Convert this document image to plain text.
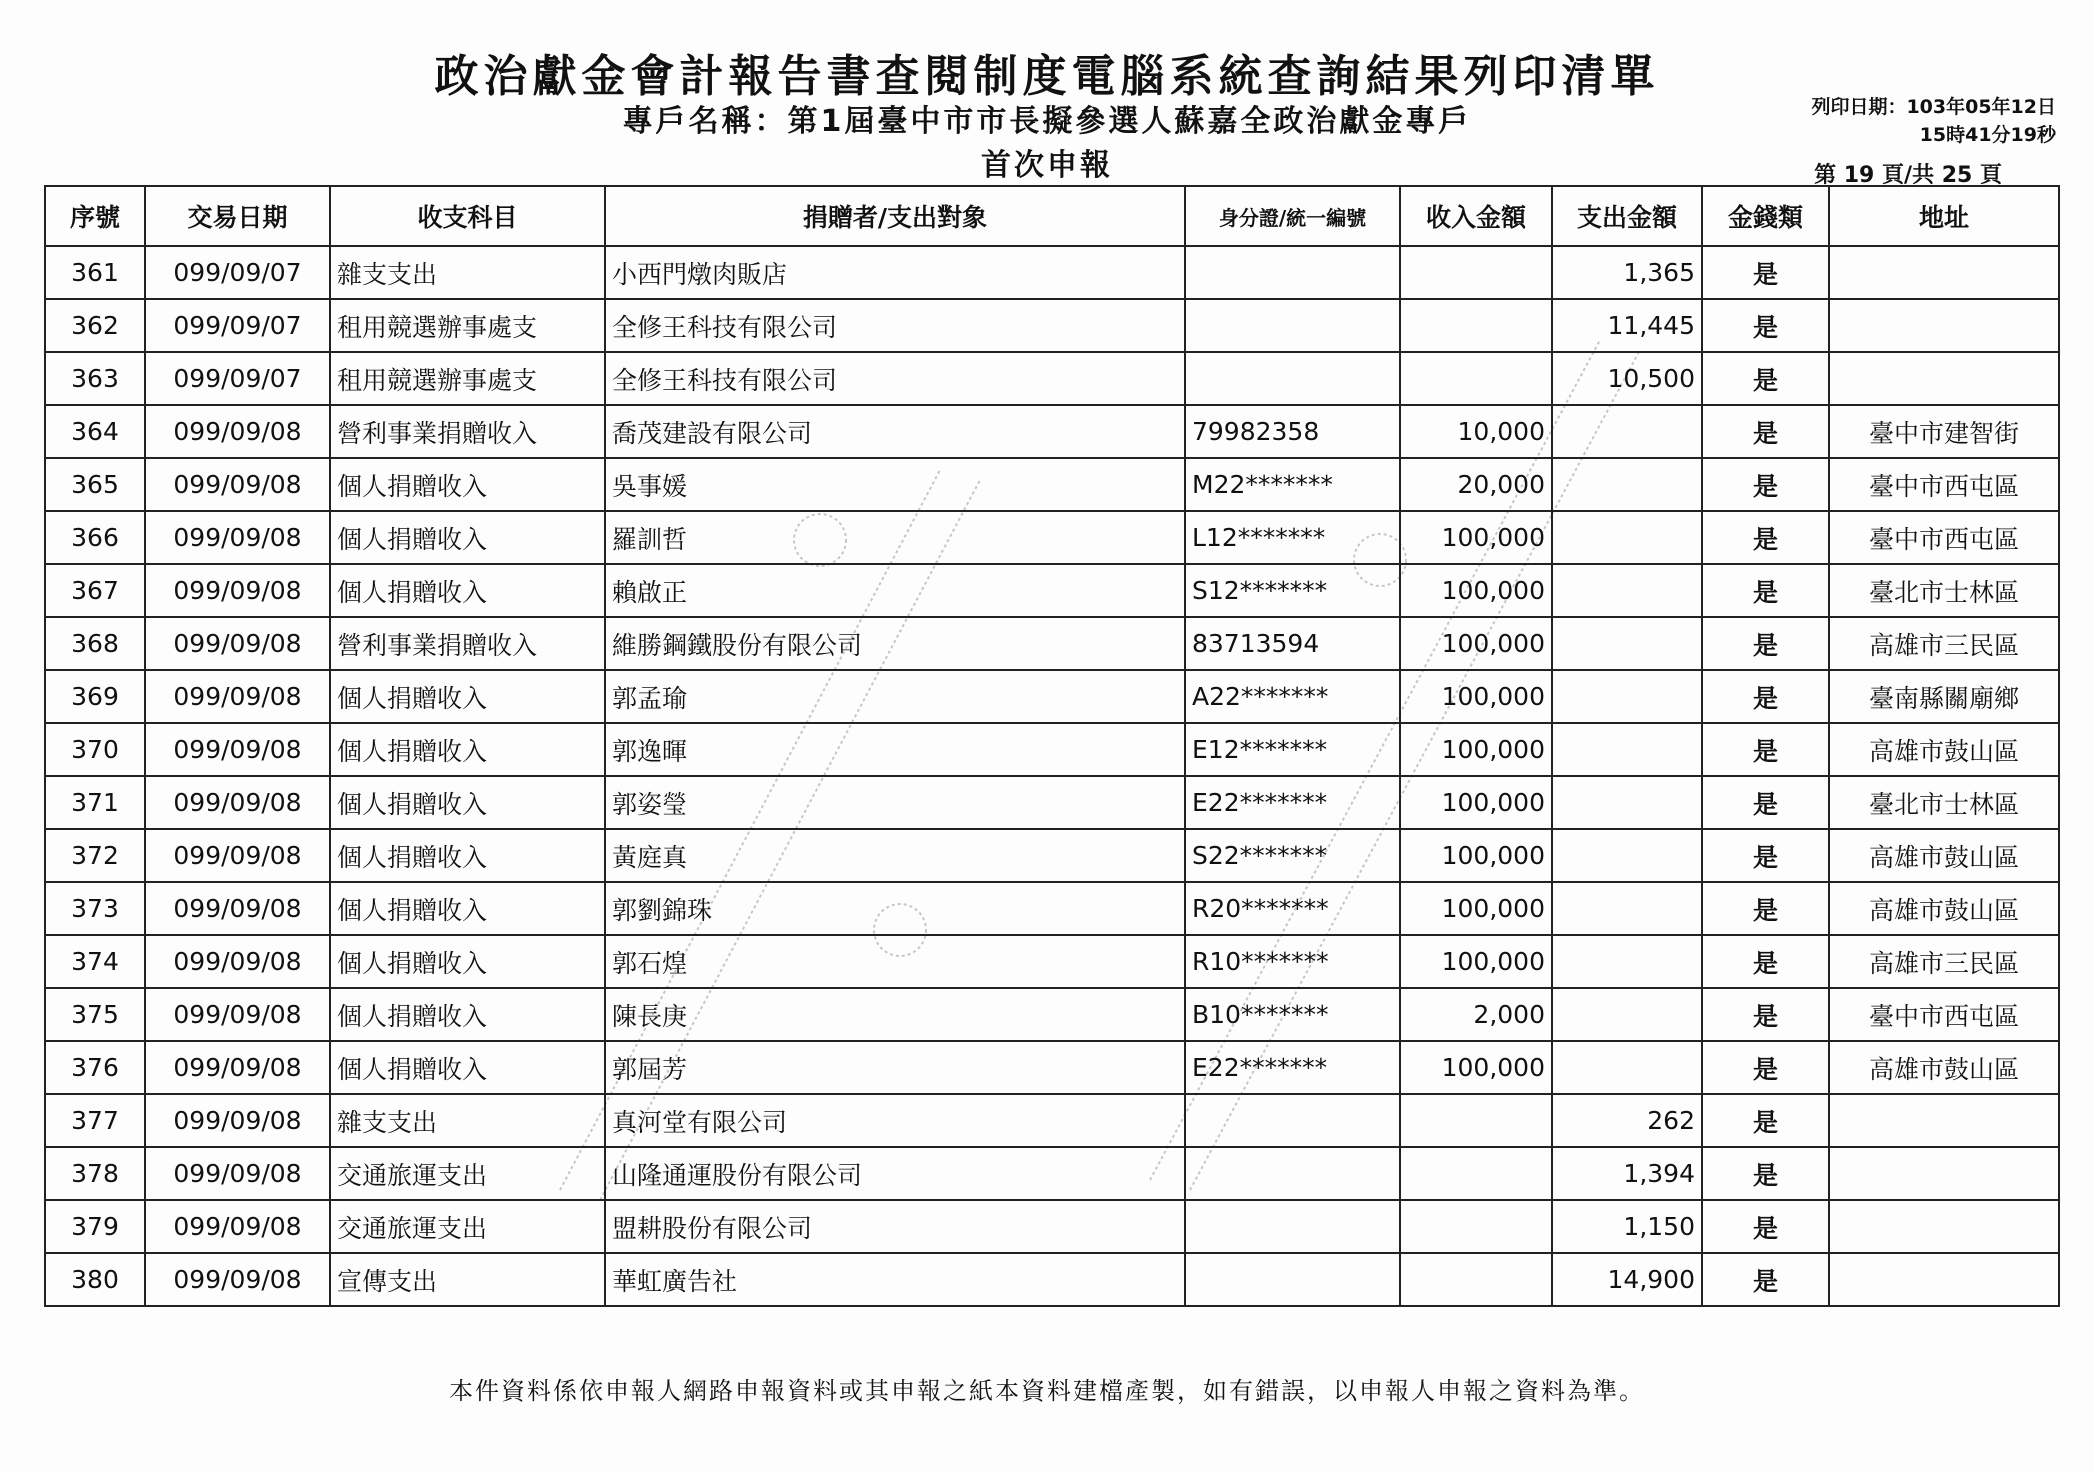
政治獻金會計報告書查閱制度電腦系統查詢結果列印清單
專戶名稱：第1屆臺中市市長擬參選人蘇嘉全政治獻金專戶
首次申報
列印日期：103年05年12日
15時41分19秒
第 19 頁/共 25 頁
序號	交易日期	收支科目	捐贈者/支出對象	身分證/統一編號	收入金額	支出金額	金錢類	地址
361	099/09/07	雜支支出	小西門燉肉販店			1,365	是	
362	099/09/07	租用競選辦事處支	全修王科技有限公司			11,445	是	
363	099/09/07	租用競選辦事處支	全修王科技有限公司			10,500	是	
364	099/09/08	營利事業捐贈收入	喬茂建設有限公司	79982358	10,000		是	臺中市建智街
365	099/09/08	個人捐贈收入	吳事媛	M22*******	20,000		是	臺中市西屯區
366	099/09/08	個人捐贈收入	羅訓哲	L12*******	100,000		是	臺中市西屯區
367	099/09/08	個人捐贈收入	賴啟正	S12*******	100,000		是	臺北市士林區
368	099/09/08	營利事業捐贈收入	維勝鋼鐵股份有限公司	83713594	100,000		是	高雄市三民區
369	099/09/08	個人捐贈收入	郭孟瑜	A22*******	100,000		是	臺南縣關廟鄉
370	099/09/08	個人捐贈收入	郭逸暉	E12*******	100,000		是	高雄市鼓山區
371	099/09/08	個人捐贈收入	郭姿瑩	E22*******	100,000		是	臺北市士林區
372	099/09/08	個人捐贈收入	黃庭真	S22*******	100,000		是	高雄市鼓山區
373	099/09/08	個人捐贈收入	郭劉錦珠	R20*******	100,000		是	高雄市鼓山區
374	099/09/08	個人捐贈收入	郭石煌	R10*******	100,000		是	高雄市三民區
375	099/09/08	個人捐贈收入	陳長庚	B10*******	2,000		是	臺中市西屯區
376	099/09/08	個人捐贈收入	郭屆芳	E22*******	100,000		是	高雄市鼓山區
377	099/09/08	雜支支出	真河堂有限公司			262	是	
378	099/09/08	交通旅運支出	山隆通運股份有限公司			1,394	是	
379	099/09/08	交通旅運支出	盟耕股份有限公司			1,150	是	
380	099/09/08	宣傳支出	華虹廣告社			14,900	是	
本件資料係依申報人網路申報資料或其申報之紙本資料建檔產製，如有錯誤，以申報人申報之資料為準。
